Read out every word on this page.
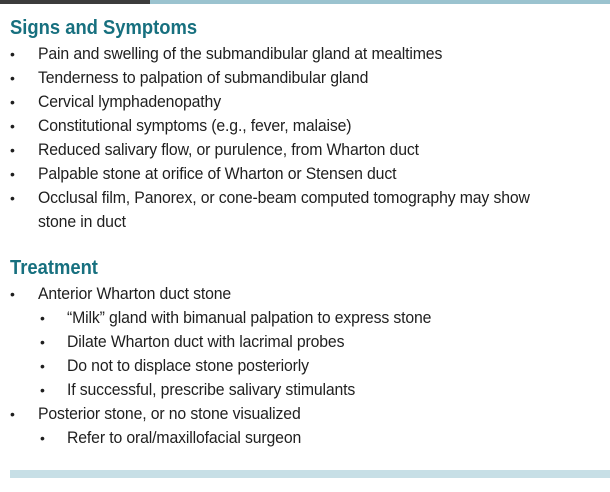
Signs and Symptoms
• Pain and swelling of the submandibular gland at mealtimes
• Tenderness to palpation of submandibular gland
• Cervical lymphadenopathy
• Constitutional symptoms (e.g., fever, malaise)
• Reduced salivary flow, or purulence, from Wharton duct
• Palpable stone at orifice of Wharton or Stensen duct
• Occlusal film, Panorex, or cone-beam computed tomography may show
stone in duct
Treatment
• Anterior Wharton duct stone
• “Milk” gland with bimanual palpation to express stone
• Dilate Wharton duct with lacrimal probes
• Do not to displace stone posteriorly
• If successful, prescribe salivary stimulants
• Posterior stone, or no stone visualized
• Refer to oral/maxillofacial surgeon
